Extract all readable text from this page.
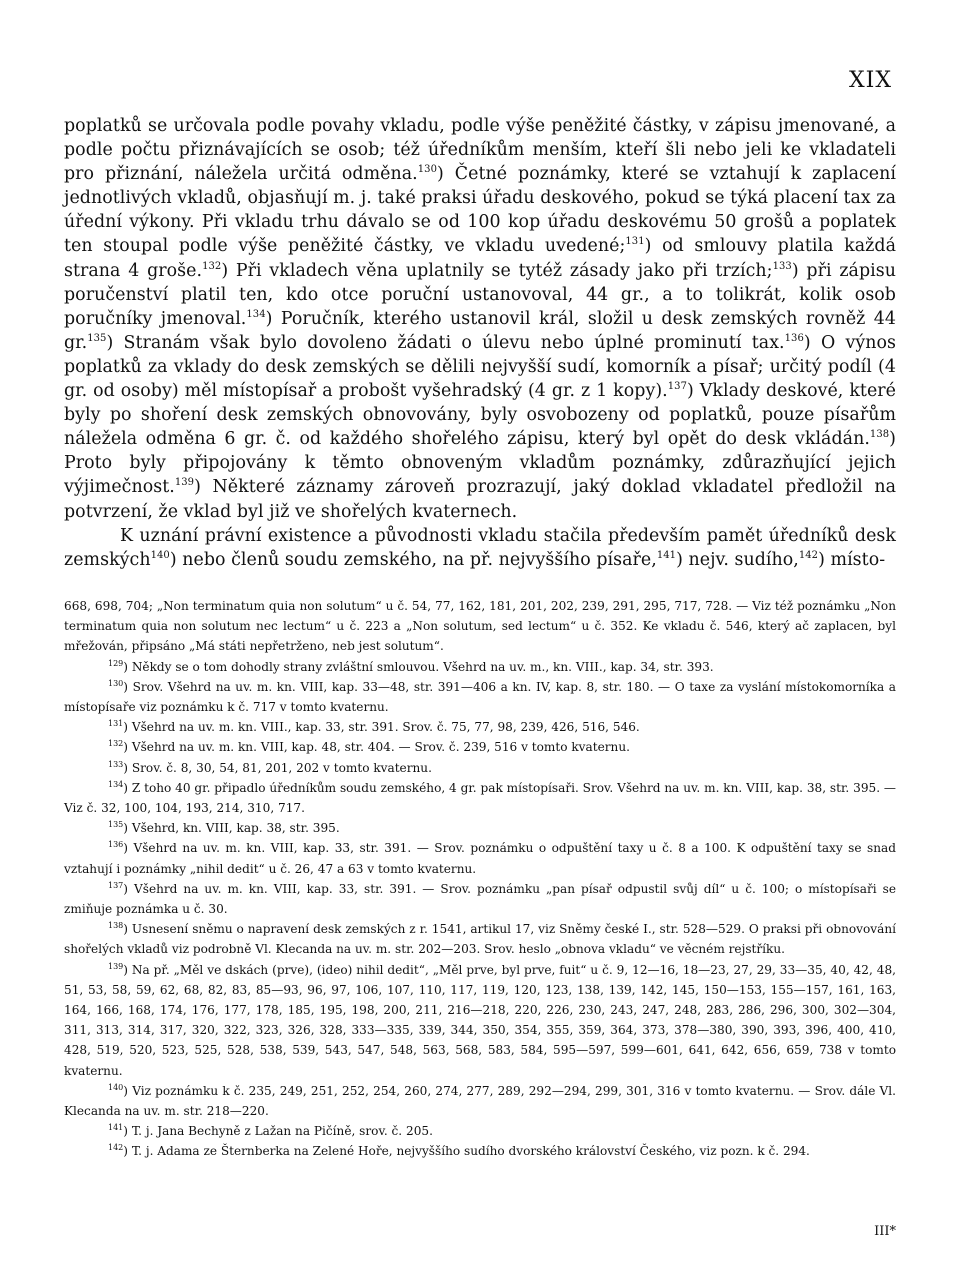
XIX

poplatků se určovala podle povahy vkladu, podle výše peněžité částky, v zápisu jmenované, a podle počtu přiznávajících se osob; též úředníkům menším, kteří šli nebo jeli ke vkladateli pro přiznání, náležela určitá odměna.$^{130}$) Četné poznámky, které se vztahují k zaplacení jednotlivých vkladů, objasňují m. j. také praksi úřadu deskového, pokud se týká placení tax za úřední výkony. Při vkladu trhu dávalo se od 100 kop úřadu deskovému 50 grošů a poplatek ten stoupal podle výše peněžité částky, ve vkladu uvedené;$^{131}$) od smlouvy platila každá strana 4 groše.$^{132}$) Při vkladech věna uplatnily se tytéž zásady jako při trzích;$^{133}$) při zápisu poručenství platil ten, kdo otce poruční ustanovoval, 44 gr., a to tolikrát, kolik osob poručníky jmenoval.$^{134}$) Poručník, kterého ustanovil král, složil u desk zemských rovněž 44 gr.$^{135}$) Stranám však bylo dovoleno žádati o úlevu nebo úplné prominutí tax.$^{136}$) O výnos poplatků za vklady do desk zemských se dělili nejvyšší sudí, komorník a písař; určitý podíl (4 gr. od osoby) měl místopísař a probošt vyšehradský (4 gr. z 1 kopy).$^{137}$) Vklady deskové, které byly po shoření desk zemských obnovovány, byly osvobozeny od poplatků, pouze písařům náležela odměna 6 gr. č. od každého shořelého zápisu, který byl opět do desk vkládán.$^{138}$) Proto byly připojovány k těmto obnoveným vkladům poznámky, zdůrazňující jejich výjimečnost.$^{139}$) Některé záznamy zároveň prozrazují, jaký doklad vkladatel předložil na potvrzení, že vklad byl již ve shořelých kvaternech.

K uznání právní existence a původnosti vkladu stačila především pamět úředníků desk zemských$^{140}$) nebo členů soudu zemského, na př. nejvyššího písaře,$^{141}$) nejv. sudího,$^{142}$) místo-

668, 698, 704; „Non terminatum quia non solutum“ u č. 54, 77, 162, 181, 201, 202, 239, 291, 295, 717, 728. — Viz též poznámku „Non terminatum quia non solutum nec lectum“ u č. 223 a „Non solutum, sed lectum“ u č. 352. Ke vkladu č. 546, který ač zaplacen, byl mřežován, připsáno „Má státi nepřetrženo, neb jest solutum“.

$^{129}$) Někdy se o tom dohodly strany zvláštní smlouvou. Všehrd na uv. m., kn. VIII., kap. 34, str. 393.

$^{130}$) Srov. Všehrd na uv. m. kn. VIII, kap. 33—48, str. 391—406 a kn. IV, kap. 8, str. 180. — O taxe za vyslání místokomorníka a místopísaře viz poznámku k č. 717 v tomto kvaternu.

$^{131}$) Všehrd na uv. m. kn. VIII., kap. 33, str. 391. Srov. č. 75, 77, 98, 239, 426, 516, 546.

$^{132}$) Všehrd na uv. m. kn. VIII, kap. 48, str. 404. — Srov. č. 239, 516 v tomto kvaternu.

$^{133}$) Srov. č. 8, 30, 54, 81, 201, 202 v tomto kvaternu.

$^{134}$) Z toho 40 gr. připadlo úředníkům soudu zemského, 4 gr. pak místopísaři. Srov. Všehrd na uv. m. kn. VIII, kap. 38, str. 395. — Viz č. 32, 100, 104, 193, 214, 310, 717.

$^{135}$) Všehrd, kn. VIII, kap. 38, str. 395.

$^{136}$) Všehrd na uv. m. kn. VIII, kap. 33, str. 391. — Srov. poznámku o odpuštění taxy u č. 8 a 100. K odpuštění taxy se snad vztahují i poznámky „nihil dedit“ u č. 26, 47 a 63 v tomto kvaternu.

$^{137}$) Všehrd na uv. m. kn. VIII, kap. 33, str. 391. — Srov. poznámku „pan písař odpustil svůj díl“ u č. 100; o místopísaři se zmiňuje poznámka u č. 30.

$^{138}$) Usnesení sněmu o napravení desk zemských z r. 1541, artikul 17, viz Sněmy české I., str. 528—529. O praksi při obnovování shořelých vkladů viz podrobně Vl. Klecanda na uv. m. str. 202—203. Srov. heslo „obnova vkladu“ ve věcném rejstříku.

$^{139}$) Na př. „Měl ve dskách (prve), (ideo) nihil dedit“, „Měl prve, byl prve, fuit“ u č. 9, 12—16, 18—23, 27, 29, 33—35, 40, 42, 48, 51, 53, 58, 59, 62, 68, 82, 83, 85—93, 96, 97, 106, 107, 110, 117, 119, 120, 123, 138, 139, 142, 145, 150—153, 155—157, 161, 163, 164, 166, 168, 174, 176, 177, 178, 185, 195, 198, 200, 211, 216—218, 220, 226, 230, 243, 247, 248, 283, 286, 296, 300, 302—304, 311, 313, 314, 317, 320, 322, 323, 326, 328, 333—335, 339, 344, 350, 354, 355, 359, 364, 373, 378—380, 390, 393, 396, 400, 410, 428, 519, 520, 523, 525, 528, 538, 539, 543, 547, 548, 563, 568, 583, 584, 595—597, 599—601, 641, 642, 656, 659, 738 v tomto kvaternu.

$^{140}$) Viz poznámku k č. 235, 249, 251, 252, 254, 260, 274, 277, 289, 292—294, 299, 301, 316 v tomto kvaternu. — Srov. dále Vl. Klecanda na uv. m. str. 218—220.

$^{141}$) T. j. Jana Bechyně z Lažan na Pičíně, srov. č. 205.

$^{142}$) T. j. Adama ze Šternberka na Zelené Hoře, nejvyššího sudího dvorského království Českého, viz pozn. k č. 294.

III*
